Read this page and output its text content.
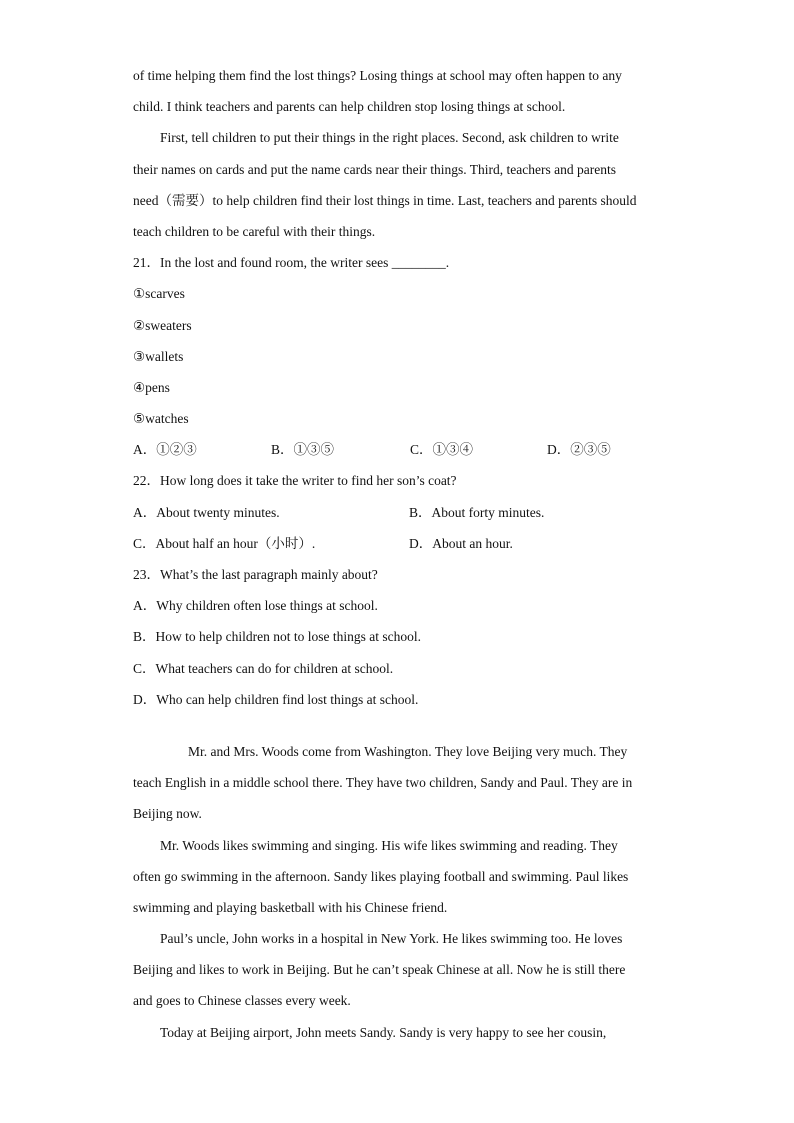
of time helping them find the lost things? Losing things at school may often happen to any
child. I think teachers and parents can help children stop losing things at school.
First, tell children to put their things in the right places. Second, ask children to write
their names on cards and put the name cards near their things. Third, teachers and parents
need（需要）to help children find their lost things in time. Last, teachers and parents should
teach children to be careful with their things.
21．In the lost and found room, the writer sees ________.
①scarves
②sweaters
③wallets
④pens
⑤watches
A．①②③	B．①③⑤	C．①③④	D．②③⑤
22．How long does it take the writer to find her son’s coat?
A．About twenty minutes.	B．About forty minutes.
C．About half an hour（小时）.	D．About an hour.
23．What’s the last paragraph mainly about?
A．Why children often lose things at school.
B．How to help children not to lose things at school.
C．What teachers can do for children at school.
D．Who can help children find lost things at school.
Mr. and Mrs. Woods come from Washington. They love Beijing very much. They
teach English in a middle school there. They have two children, Sandy and Paul. They are in
Beijing now.
Mr. Woods likes swimming and singing. His wife likes swimming and reading. They
often go swimming in the afternoon. Sandy likes playing football and swimming. Paul likes
swimming and playing basketball with his Chinese friend.
Paul’s uncle, John works in a hospital in New York. He likes swimming too. He loves
Beijing and likes to work in Beijing. But he can’t speak Chinese at all. Now he is still there
and goes to Chinese classes every week.
Today at Beijing airport, John meets Sandy. Sandy is very happy to see her cousin,
